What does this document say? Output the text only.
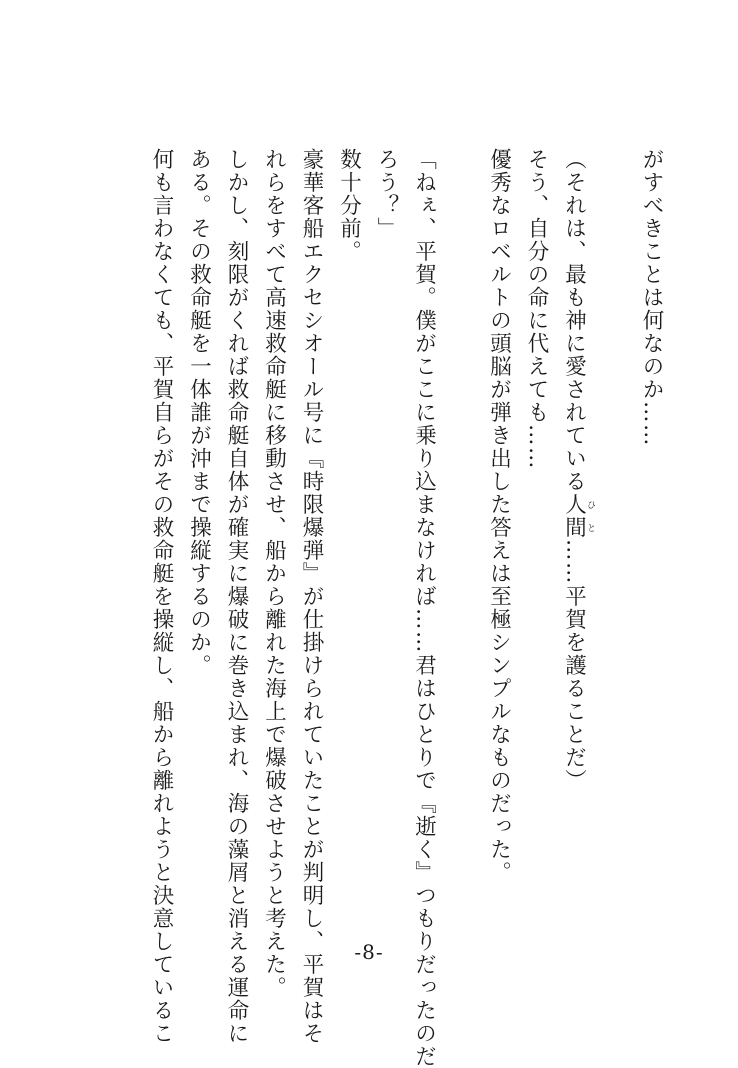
がすべきことは何なのか……
（それは、最も神に愛されている人間ひと……平賀を護ることだ）
そう、自分の命に代えても……
優秀なロベルトの頭脳が弾き出した答えは至極シンプルなものだった。
「ねぇ、平賀。僕がここに乗り込まなければ……君はひとりで『逝く』つもりだったのだ
ろう？」
数十分前。
豪華客船エクセシオール号に『時限爆弾』が仕掛けられていたことが判明し、平賀はそ
れらをすべて高速救命艇に移動させ、船から離れた海上で爆破させようと考えた。
しかし、刻限がくれば救命艇自体が確実に爆破に巻き込まれ、海の藻屑と消える運命に
ある。その救命艇を一体誰が沖まで操縦するのか。
何も言わなくても、平賀自らがその救命艇を操縦し、船から離れようと決意しているこ	-8-
